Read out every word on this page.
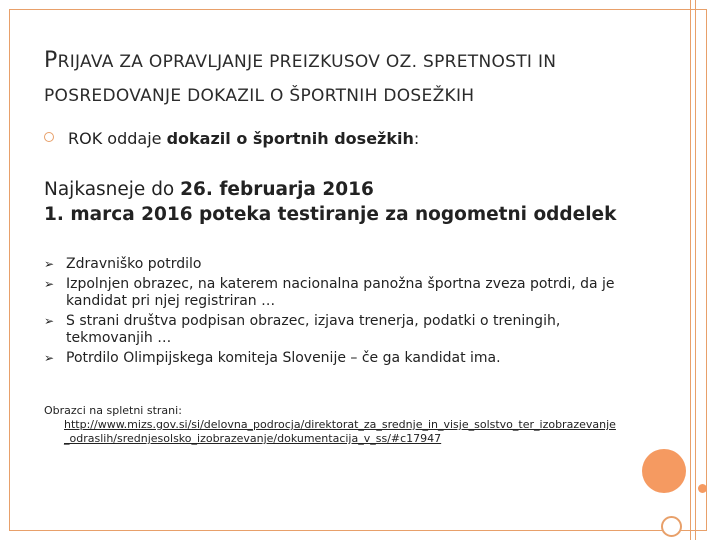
PRIJAVA ZA OPRAVLJANJE PREIZKUSOV OZ. SPRETNOSTI IN
POSREDOVANJE DOKAZIL O ŠPORTNIH DOSEŽKIH
ROK oddaje dokazil o športnih dosežkih:
Najkasneje do 26. februarja 2016
1. marca 2016 poteka testiranje za nogometni oddelek
➢ Zdravniško potrdilo
➢ Izpolnjen obrazec, na katerem nacionalna panožna športna zveza potrdi, da je kandidat pri njej registriran …
➢ S strani društva podpisan obrazec, izjava trenerja, podatki o treningih, tekmovanjih …
➢ Potrdilo Olimpijskega komiteja Slovenije – če ga kandidat ima.
Obrazci na spletni strani:
http://www.mizs.gov.si/si/delovna_podrocja/direktorat_za_srednje_in_visje_solstvo_ter_izobrazevanje_odraslih/srednjesolsko_izobrazevanje/dokumentacija_v_ss/#c17947
